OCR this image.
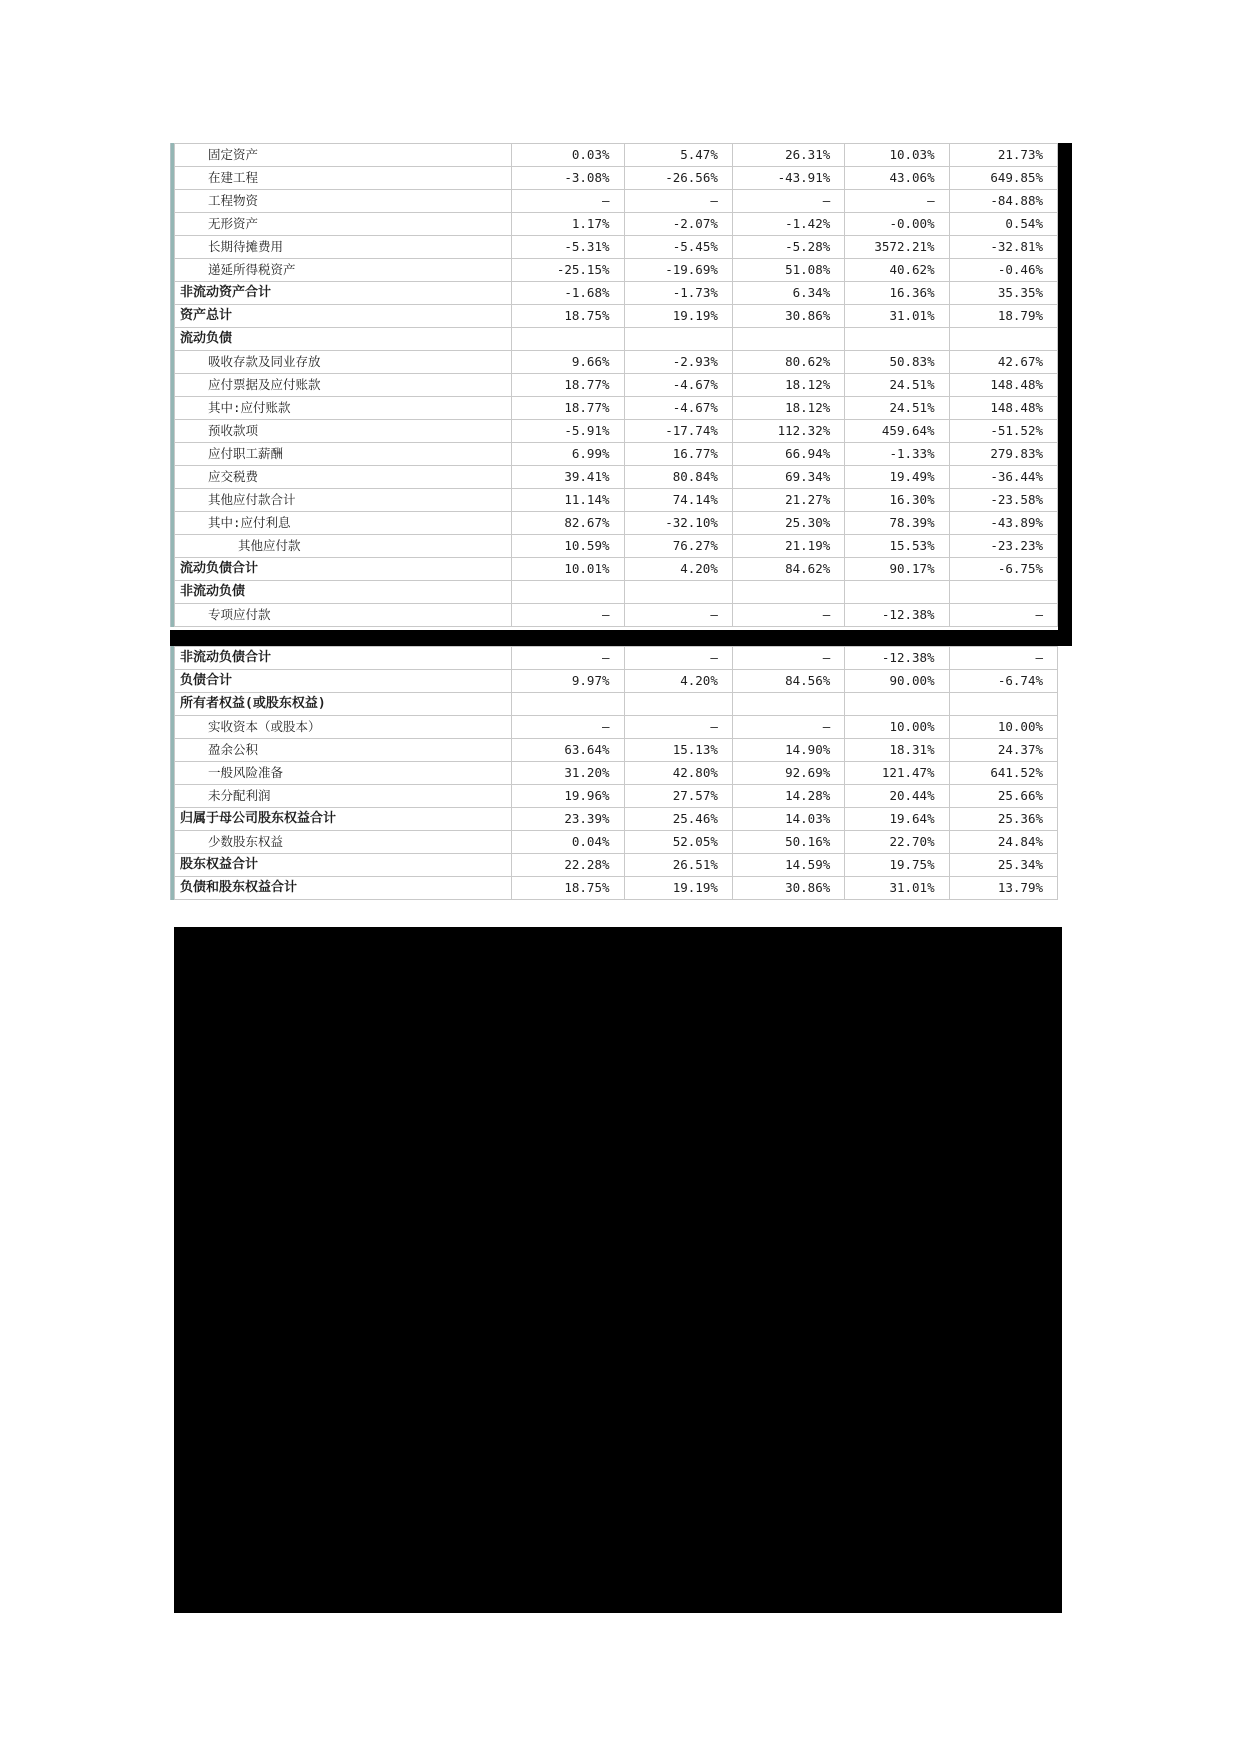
固定资产	0.03%	5.47%	26.31%	10.03%	21.73%
在建工程	-3.08%	-26.56%	-43.91%	43.06%	649.85%
工程物资	—	—	—	—	-84.88%
无形资产	1.17%	-2.07%	-1.42%	-0.00%	0.54%
长期待摊费用	-5.31%	-5.45%	-5.28%	3572.21%	-32.81%
递延所得税资产	-25.15%	-19.69%	51.08%	40.62%	-0.46%
非流动资产合计	-1.68%	-1.73%	6.34%	16.36%	35.35%
资产总计	18.75%	19.19%	30.86%	31.01%	18.79%
流动负债					
吸收存款及同业存放	9.66%	-2.93%	80.62%	50.83%	42.67%
应付票据及应付账款	18.77%	-4.67%	18.12%	24.51%	148.48%
其中:应付账款	18.77%	-4.67%	18.12%	24.51%	148.48%
预收款项	-5.91%	-17.74%	112.32%	459.64%	-51.52%
应付职工薪酬	6.99%	16.77%	66.94%	-1.33%	279.83%
应交税费	39.41%	80.84%	69.34%	19.49%	-36.44%
其他应付款合计	11.14%	74.14%	21.27%	16.30%	-23.58%
其中:应付利息	82.67%	-32.10%	25.30%	78.39%	-43.89%
其他应付款	10.59%	76.27%	21.19%	15.53%	-23.23%
流动负债合计	10.01%	4.20%	84.62%	90.17%	-6.75%
非流动负债					
专项应付款	—	—	—	-12.38%	—
非流动负债合计	—	—	—	-12.38%	—
负债合计	9.97%	4.20%	84.56%	90.00%	-6.74%
所有者权益(或股东权益)					
实收资本（或股本）	—	—	—	10.00%	10.00%
盈余公积	63.64%	15.13%	14.90%	18.31%	24.37%
一般风险准备	31.20%	42.80%	92.69%	121.47%	641.52%
未分配利润	19.96%	27.57%	14.28%	20.44%	25.66%
归属于母公司股东权益合计	23.39%	25.46%	14.03%	19.64%	25.36%
少数股东权益	0.04%	52.05%	50.16%	22.70%	24.84%
股东权益合计	22.28%	26.51%	14.59%	19.75%	25.34%
负债和股东权益合计	18.75%	19.19%	30.86%	31.01%	13.79%
